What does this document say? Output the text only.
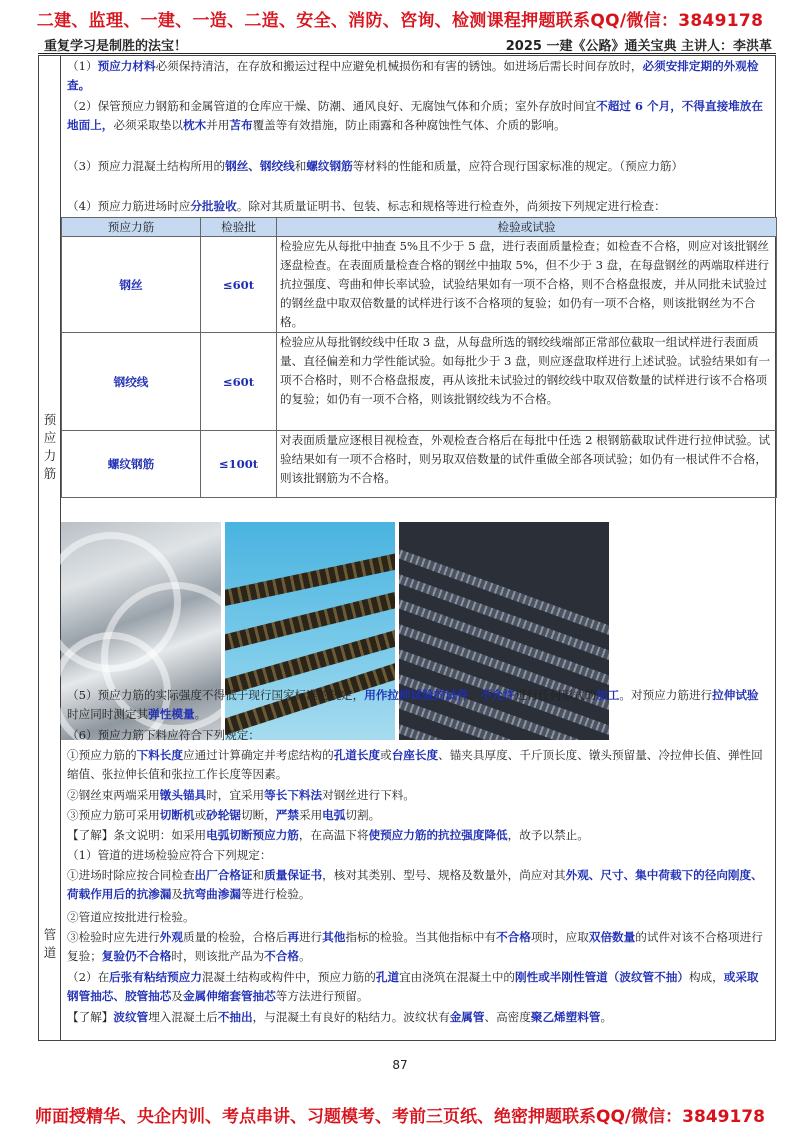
二建、监理、一建、一造、二造、安全、消防、咨询、检测课程押题联系QQ/微信：3849178
重复学习是制胜的法宝！	2025 一建《公路》通关宝典 主讲人：李洪革
预应力筋
管道
（1）预应力材料必须保持清洁，在存放和搬运过程中应避免机械损伤和有害的锈蚀。如进场后需长时间存放时，必须安排定期的外观检查。
（2）保管预应力钢筋和金属管道的仓库应干燥、防潮、通风良好、无腐蚀气体和介质；室外存放时间宜不超过 6 个月，不得直接堆放在地面上，必须采取垫以枕木并用苫布覆盖等有效措施，防止雨露和各种腐蚀性气体、介质的影响。
（3）预应力混凝土结构所用的钢丝、钢绞线和螺纹钢筋等材料的性能和质量，应符合现行国家标准的规定。（预应力筋）
（4）预应力筋进场时应分批验收。除对其质量证明书、包装、标志和规格等进行检查外，尚须按下列规定进行检查：
预应力筋	检验批	检验或试验
钢丝	≤60t	检验应先从每批中抽查 5%且不少于 5 盘，进行表面质量检查；如检查不合格，则应对该批钢丝逐盘检查。在表面质量检查合格的钢丝中抽取 5%，但不少于 3 盘，在每盘钢丝的两端取样进行抗拉强度、弯曲和伸长率试验，试验结果如有一项不合格，则不合格盘报废，并从同批未试验过的钢丝盘中取双倍数量的试样进行该不合格项的复验；如仍有一项不合格，则该批钢丝为不合格。
钢绞线	≤60t	检验应从每批钢绞线中任取 3 盘，从每盘所选的钢绞线端部正常部位截取一组试样进行表面质量、直径偏差和力学性能试验。如每批少于 3 盘，则应逐盘取样进行上述试验。试验结果如有一项不合格时，则不合格盘报废，再从该批未试验过的钢绞线中取双倍数量的试样进行该不合格项的复验；如仍有一项不合格，则该批钢绞线为不合格。
螺纹钢筋	≤100t	对表面质量应逐根目视检查，外观检查合格后在每批中任选 2 根钢筋截取试件进行拉伸试验。试验结果如有一项不合格时，则另取双倍数量的试件重做全部各项试验；如仍有一根试件不合格，则该批钢筋为不合格。
（5）预应力筋的实际强度不得低于现行国家标准的规定，用作拉伸试验的试件，不允许进行任何形式的加工。对预应力筋进行拉伸试验时应同时测定其弹性模量。
（6）预应力筋下料应符合下列规定：
①预应力筋的下料长度应通过计算确定并考虑结构的孔道长度或台座长度、锚夹具厚度、千斤顶长度、镦头预留量、冷拉伸长值、弹性回缩值、张拉伸长值和张拉工作长度等因素。
②钢丝束两端采用镦头锚具时，宜采用等长下料法对钢丝进行下料。
③预应力筋可采用切断机或砂轮锯切断，严禁采用电弧切割。
【了解】条文说明：如采用电弧切断预应力筋，在高温下将使预应力筋的抗拉强度降低，故予以禁止。
（1）管道的进场检验应符合下列规定：
①进场时除应按合同检查出厂合格证和质量保证书，核对其类别、型号、规格及数量外，尚应对其外观、尺寸、集中荷载下的径向刚度、荷载作用后的抗渗漏及抗弯曲渗漏等进行检验。
②管道应按批进行检验。
③检验时应先进行外观质量的检验，合格后再进行其他指标的检验。当其他指标中有不合格项时，应取双倍数量的试件对该不合格项进行复验；复验仍不合格时，则该批产品为不合格。
（2）在后张有粘结预应力混凝土结构或构件中，预应力筋的孔道宜由浇筑在混凝土中的刚性或半刚性管道（波纹管不抽）构成，或采取钢管抽芯、胶管抽芯及金属伸缩套管抽芯等方法进行预留。
【了解】波纹管埋入混凝土后不抽出，与混凝土有良好的粘结力。波纹状有金属管、高密度聚乙烯塑料管。
87
师面授精华、央企内训、考点串讲、习题模考、考前三页纸、绝密押题联系QQ/微信：3849178
